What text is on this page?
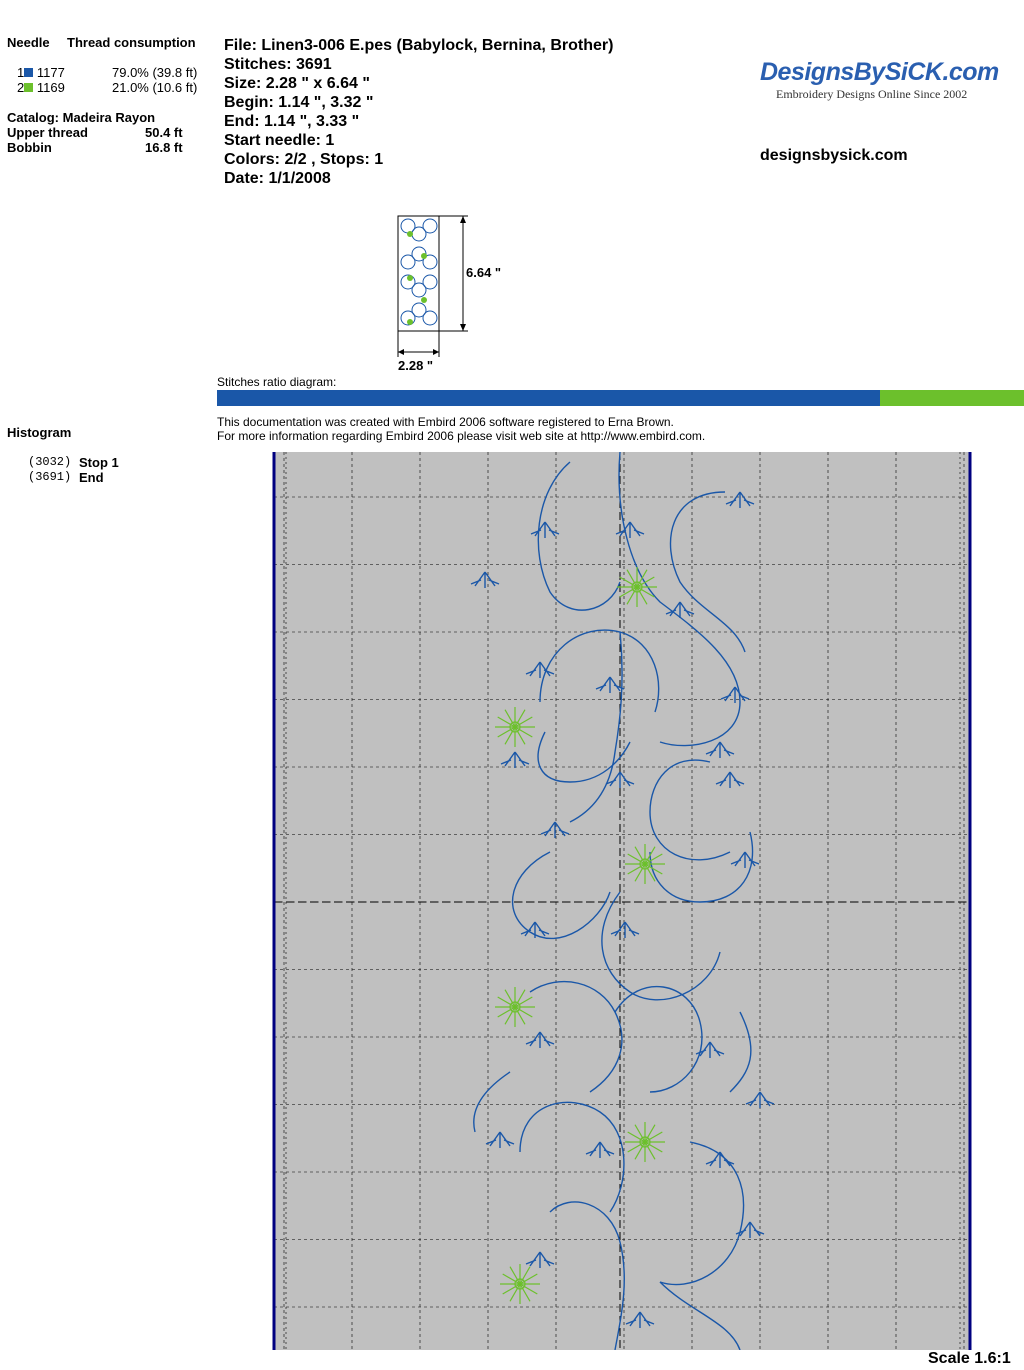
Needle Thread consumption
1 1177	79.0% (39.8 ft)
2 1169	21.0% (10.6 ft)
Catalog: Madeira Rayon
Upper thread	50.4 ft
Bobbin	16.8 ft
Histogram
(3032) Stop 1
(3691) End
File: Linen3-006 E.pes (Babylock, Bernina, Brother)
Stitches: 3691
Size: 2.28 " x 6.64 "
Begin: 1.14 ", 3.32 "
End: 1.14 ", 3.33 "
Start needle: 1
Colors: 2/2 , Stops: 1
Date: 1/1/2008
DesignsBySiCK.com
Embroidery Designs Online Since 2002
designsbysick.com
6.64 "
2.28 "
Stitches ratio diagram:
This documentation was created with Embird 2006 software registered to Erna Brown.
For more information regarding Embird 2006 please visit web site at http://www.embird.com.
Scale 1.6:1
